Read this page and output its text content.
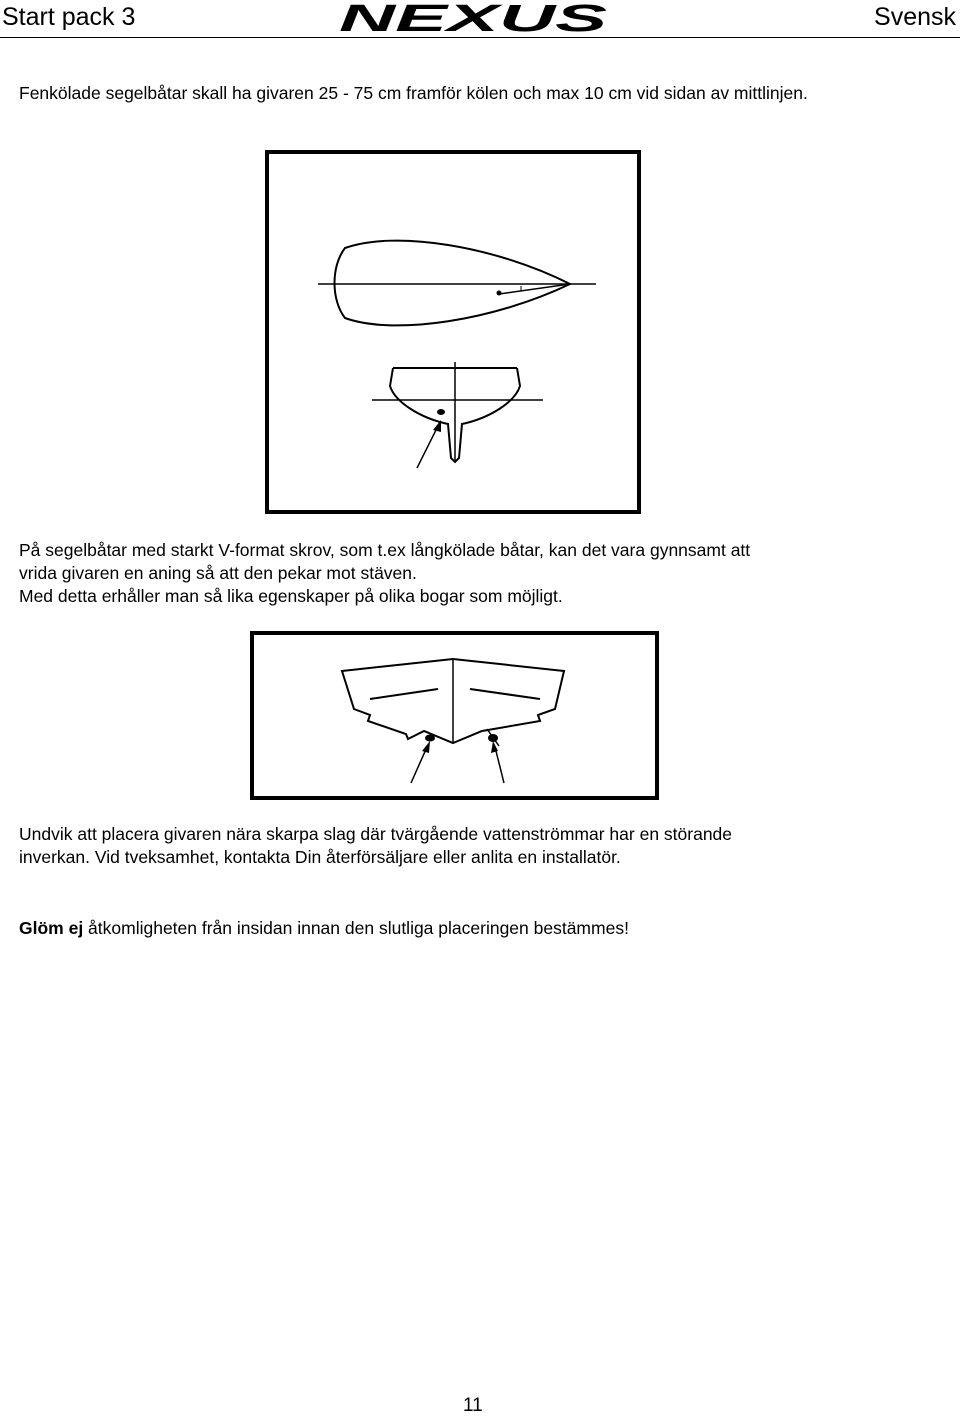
Start pack 3	NEXUS	Svensk
Fenkölade segelbåtar skall ha givaren 25 - 75 cm framför kölen och max 10 cm vid sidan av mittlinjen.
På segelbåtar med starkt V-format skrov, som t.ex långkölade båtar, kan det vara gynnsamt att
vrida givaren en aning så att den pekar mot stäven.
Med detta erhåller man så lika egenskaper på olika bogar som möjligt.
Undvik att placera givaren nära skarpa slag där tvärgående vattenströmmar har en störande
inverkan. Vid tveksamhet, kontakta Din återförsäljare eller anlita en installatör.
Glöm ej åtkomligheten från insidan innan den slutliga placeringen bestämmes!
11
